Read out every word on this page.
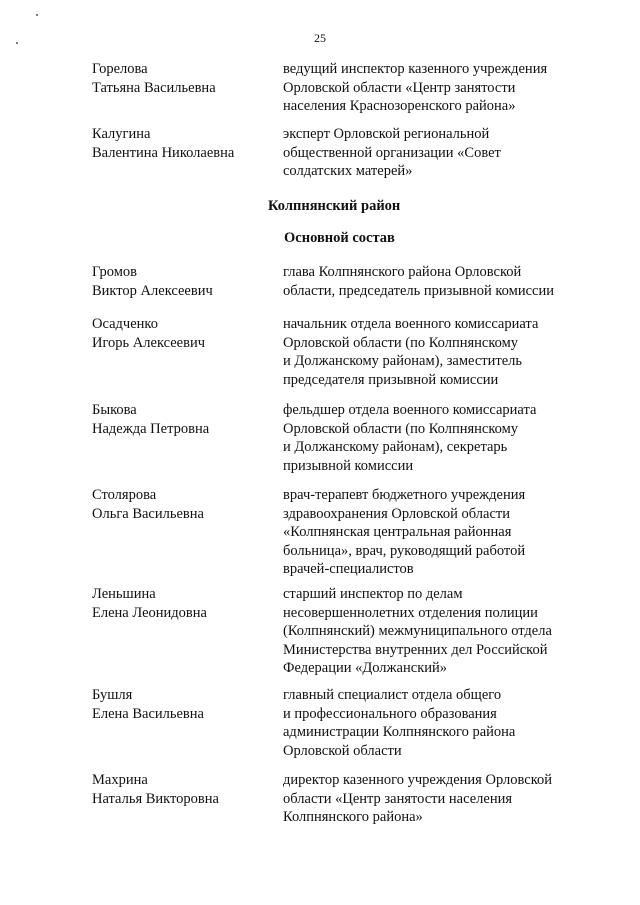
25
Горелова
Татьяна Васильевна
ведущий инспектор казенного учреждения
Орловской области «Центр занятости
населения Краснозоренского района»
Калугина
Валентина Николаевна
эксперт Орловской региональной
общественной организации «Совет
солдатских матерей»
Колпнянский район
Основной состав
Громов
Виктор Алексеевич
глава Колпнянского района Орловской
области, председатель призывной комиссии
Осадченко
Игорь Алексеевич
начальник отдела военного комиссариата
Орловской области (по Колпнянскому
и Должанскому районам), заместитель
председателя призывной комиссии
Быкова
Надежда Петровна
фельдшер отдела военного комиссариата
Орловской области (по Колпнянскому
и Должанскому районам), секретарь
призывной комиссии
Столярова
Ольга Васильевна
врач-терапевт бюджетного учреждения
здравоохранения Орловской области
«Колпнянская центральная районная
больница», врач, руководящий работой
врачей-специалистов
Леньшина
Елена Леонидовна
старший инспектор по делам
несовершеннолетних отделения полиции
(Колпнянский) межмуниципального отдела
Министерства внутренних дел Российской
Федерации «Должанский»
Бушля
Елена Васильевна
главный специалист отдела общего
и профессионального образования
администрации Колпнянского района
Орловской области
Махрина
Наталья Викторовна
директор казенного учреждения Орловской
области «Центр занятости населения
Колпнянского района»
